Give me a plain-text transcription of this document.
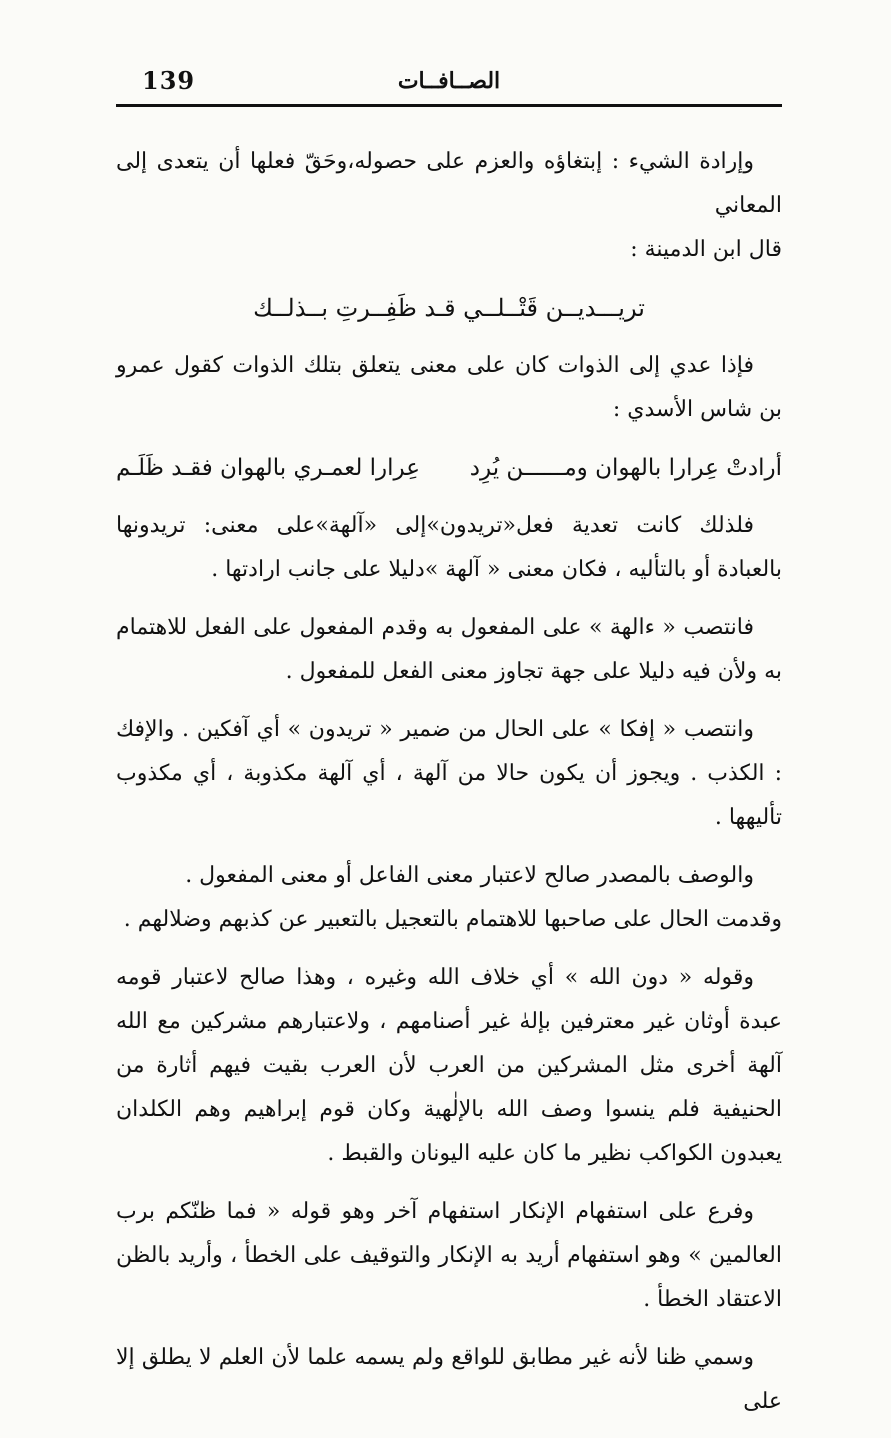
139	الصــافــات

وإرادة الشيء : إبتغاؤه والعزم على حصوله،وحَقّ فعلها أن يتعدى إلى المعاني

قال ابن الدمينة :

تريـــديــن قَتْــلــي قـد ظَفِــرتِ بــذلــك

فإذا عدي إلى الذوات كان على معنى يتعلق بتلك الذوات كقول عمرو بن شاس الأسدي :

أرادتْ عِرارا بالهوان ومــــــن يُرِد
عِرارا لعمـري بالهوان فقـد ظَلَـم

فلذلك كانت تعدية فعل«تريدون»إلى «آلهة»على معنى: تريدونها بالعبادة أو بالتأليه ، فكان معنى « آلهة »دليلا على جانب ارادتها .

فانتصب « ءالهة » على المفعول به وقدم المفعول على الفعل للاهتمام به ولأن فيه دليلا على جهة تجاوز معنى الفعل للمفعول .

وانتصب « إفكا » على الحال من ضمير « تريدون » أي آفكين . والإفك : الكذب . ويجوز أن يكون حالا من آلهة ، أي آلهة مكذوبة ، أي مكذوب تأليهها .

والوصف بالمصدر صالح لاعتبار معنى الفاعل أو معنى المفعول .

وقدمت الحال على صاحبها للاهتمام بالتعجيل بالتعبير عن كذبهم وضلالهم .

وقوله « دون الله » أي خلاف الله وغيره ، وهذا صالح لاعتبار قومه عبدة أوثان غير معترفين بإلهٰ غير أصنامهم ، ولاعتبارهم مشركين مع الله آلهة أخرى مثل المشركين من العرب لأن العرب بقيت فيهم أثارة من الحنيفية فلم ينسوا وصف الله بالإلٰهية وكان قوم إبراهيم وهم الكلدان يعبدون الكواكب نظير ما كان عليه اليونان والقبط .

وفرع على استفهام الإنكار استفهام آخر وهو قوله « فما ظنّكم برب العالمين » وهو استفهام أريد به الإنكار والتوقيف على الخطأ ، وأريد بالظن الاعتقاد الخطأ .

وسمي ظنا لأنه غير مطابق للواقع ولم يسمه علما لأن العلم لا يطلق إلا على
